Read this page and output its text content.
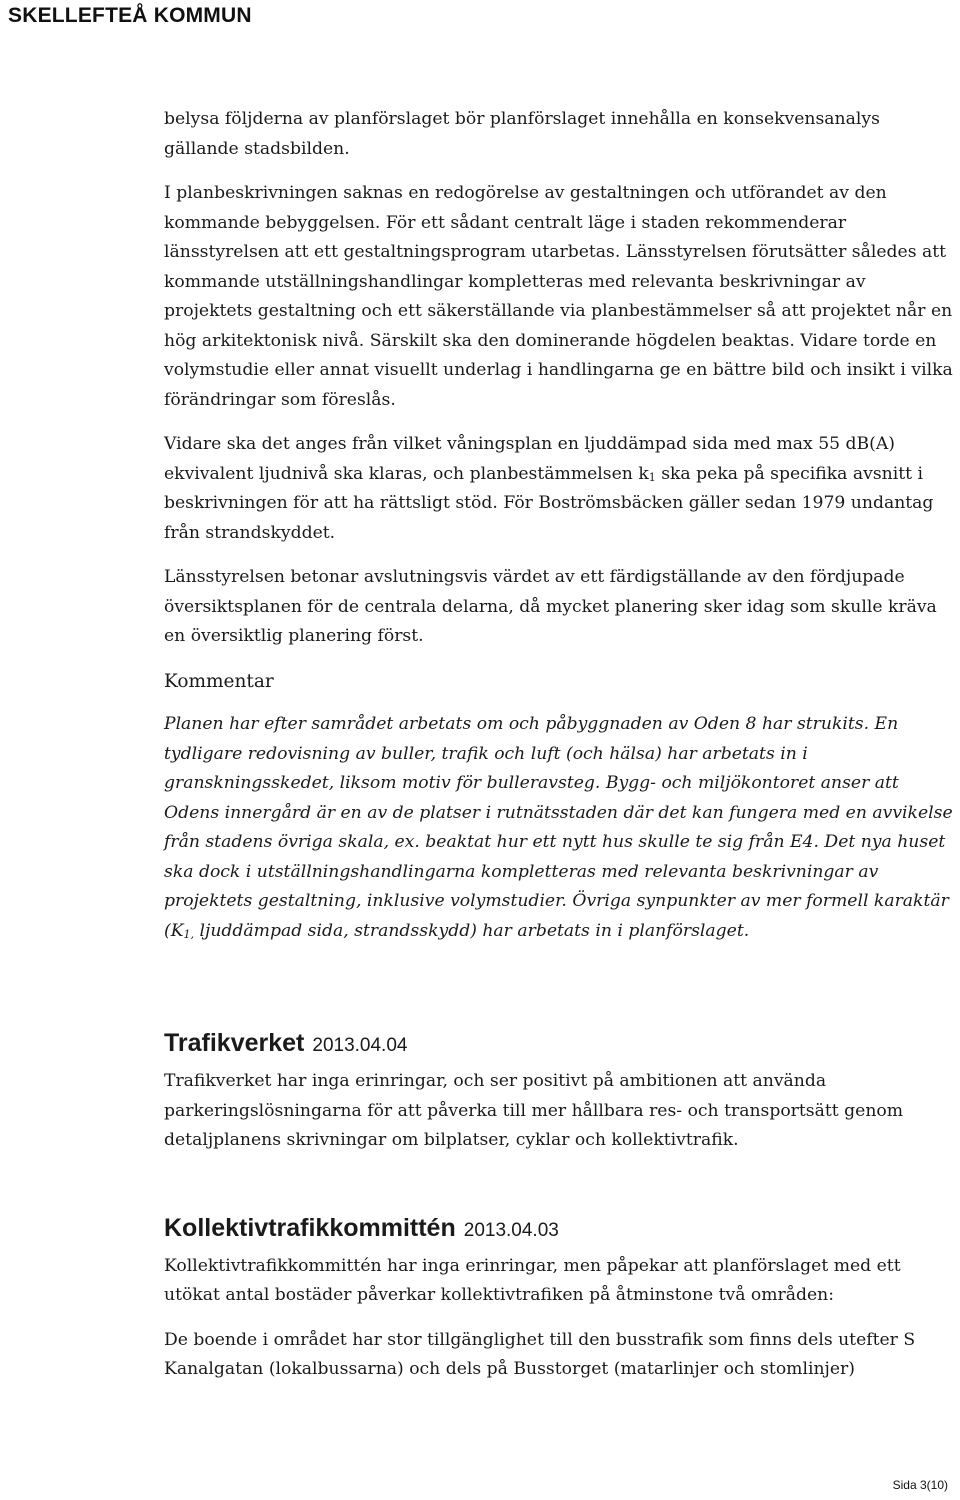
SKELLEFTEÅ KOMMUN

belysa följderna av planförslaget bör planförslaget innehålla en konsekvensanalys gällande stadsbilden.

I planbeskrivningen saknas en redogörelse av gestaltningen och utförandet av den kommande bebyggelsen. För ett sådant centralt läge i staden rekommenderar länsstyrelsen att ett gestaltningsprogram utarbetas. Länsstyrelsen förutsätter således att kommande utställningshandlingar kompletteras med relevanta beskrivningar av projektets gestaltning och ett säkerställande via planbestämmelser så att projektet når en hög arkitektonisk nivå. Särskilt ska den dominerande högdelen beaktas. Vidare torde en volymstudie eller annat visuellt underlag i handlingarna ge en bättre bild och insikt i vilka förändringar som föreslås.

Vidare ska det anges från vilket våningsplan en ljuddämpad sida med max 55 dB(A) ekvivalent ljudnivå ska klaras, och planbestämmelsen $k_1$ ska peka på specifika avsnitt i beskrivningen för att ha rättsligt stöd. För Boströmsbäcken gäller sedan 1979 undantag från strandskyddet.

Länsstyrelsen betonar avslutningsvis värdet av ett färdigställande av den fördjupade översiktsplanen för de centrala delarna, då mycket planering sker idag som skulle kräva en översiktlig planering först.

Kommentar

Planen har efter samrådet arbetats om och påbyggnaden av Oden 8 har strukits. En tydligare redovisning av buller, trafik och luft (och hälsa) har arbetats in i granskningsskedet, liksom motiv för bulleravsteg. Bygg- och miljökontoret anser att Odens innergård är en av de platser i rutnätsstaden där det kan fungera med en avvikelse från stadens övriga skala, ex. beaktat hur ett nytt hus skulle te sig från E4. Det nya huset ska dock i utställningshandlingarna kompletteras med relevanta beskrivningar av projektets gestaltning, inklusive volymstudier. Övriga synpunkter av mer formell karaktär ($K_{1,}$ ljuddämpad sida, strandsskydd) har arbetats in i planförslaget.

Trafikverket 2013.04.04

Trafikverket har inga erinringar, och ser positivt på ambitionen att använda parkeringslösningarna för att påverka till mer hållbara res- och transportsätt genom detaljplanens skrivningar om bilplatser, cyklar och kollektivtrafik.

Kollektivtrafikkommittén 2013.04.03

Kollektivtrafikkommittén har inga erinringar, men påpekar att planförslaget med ett utökat antal bostäder påverkar kollektivtrafiken på åtminstone två områden:

De boende i området har stor tillgänglighet till den busstrafik som finns dels utefter S Kanalgatan (lokalbussarna) och dels på Busstorget (matarlinjer och stomlinjer)

Sida 3(10)
